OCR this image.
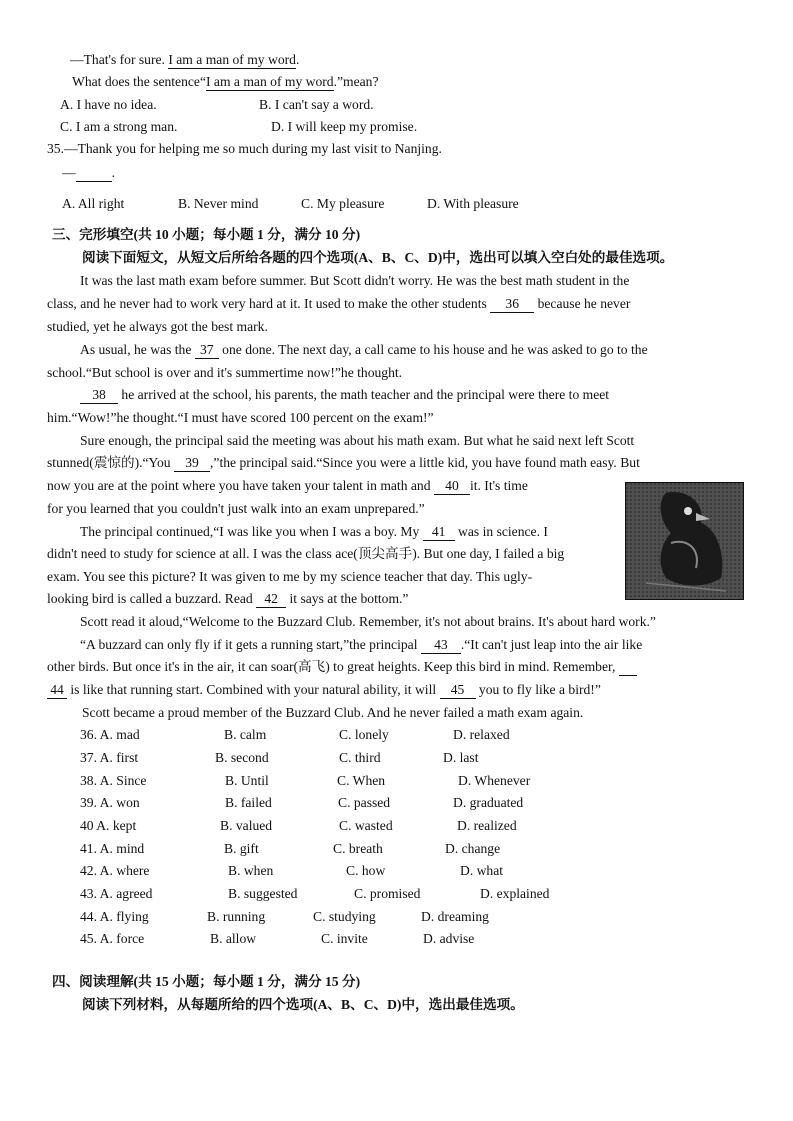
—That's for sure. I am a man of my word.
What does the sentence“I am a man of my word.”mean?
A. I have no idea.	B. I can't say a word.
C. I am a strong man.	D. I will keep my promise.
35.—Thank you for helping me so much during my last visit to Nanjing.
—	.
A. All right	B. Never mind	C. My pleasure	D. With pleasure
三、完形填空(共 10 小题；每小题 1 分，满分 10 分)
阅读下面短文，从短文后所给各题的四个选项(A、B、C、D)中，选出可以填入空白处的最佳选项。
It was the last math exam before summer. But Scott didn't worry. He was the best math student in the
class, and he never had to work very hard at it. It used to make the other students 36 because he never
studied, yet he always got the best mark.
As usual, he was the 37 one done. The next day, a call came to his house and he was asked to go to the
school.“But school is over and it's summertime now!”he thought.
38 he arrived at the school, his parents, the math teacher and the principal were there to meet
him.“Wow!”he thought.“I must have scored 100 percent on the exam!”
Sure enough, the principal said the meeting was about his math exam. But what he said next left Scott
stunned(震惊的).“You 39 ,”the principal said.“Since you were a little kid, you have found math easy. But
now you are at the point where you have taken your talent in math and 40 it. It's time
for you learned that you couldn't just walk into an exam unprepared.”
The principal continued,“I was like you when I was a boy. My 41 was in science. I
didn't need to study for science at all. I was the class ace(顶尖高手). But one day, I failed a big
exam. You see this picture? It was given to me by my science teacher that day. This ugly-
looking bird is called a buzzard. Read 42 it says at the bottom.”
Scott read it aloud,“Welcome to the Buzzard Club. Remember, it's not about brains. It's about hard work.”
“A buzzard can only fly if it gets a running start,”the principal 43 .“It can't just leap into the air like
other birds. But once it's in the air, it can soar(高飞) to great heights. Keep this bird in mind. Remember,
44 is like that running start. Combined with your natural ability, it will 45 you to fly like a bird!”
Scott became a proud member of the Buzzard Club. And he never failed a math exam again.
36. A. mad	B. calm	C. lonely	D. relaxed
37. A. first	B. second	C. third	D. last
38. A. Since	B. Until	C. When	D. Whenever
39. A. won	B. failed	C. passed	D. graduated
40 A. kept	B. valued	C. wasted	D. realized
41. A. mind	B. gift	C. breath	D. change
42. A. where	B. when	C. how	D. what
43. A. agreed	B. suggested	C. promised	D. explained
44. A. flying	B. running	C. studying	D. dreaming
45. A. force	B. allow	C. invite	D. advise
四、阅读理解(共 15 小题；每小题 1 分，满分 15 分)
阅读下列材料，从每题所给的四个选项(A、B、C、D)中，选出最佳选项。
